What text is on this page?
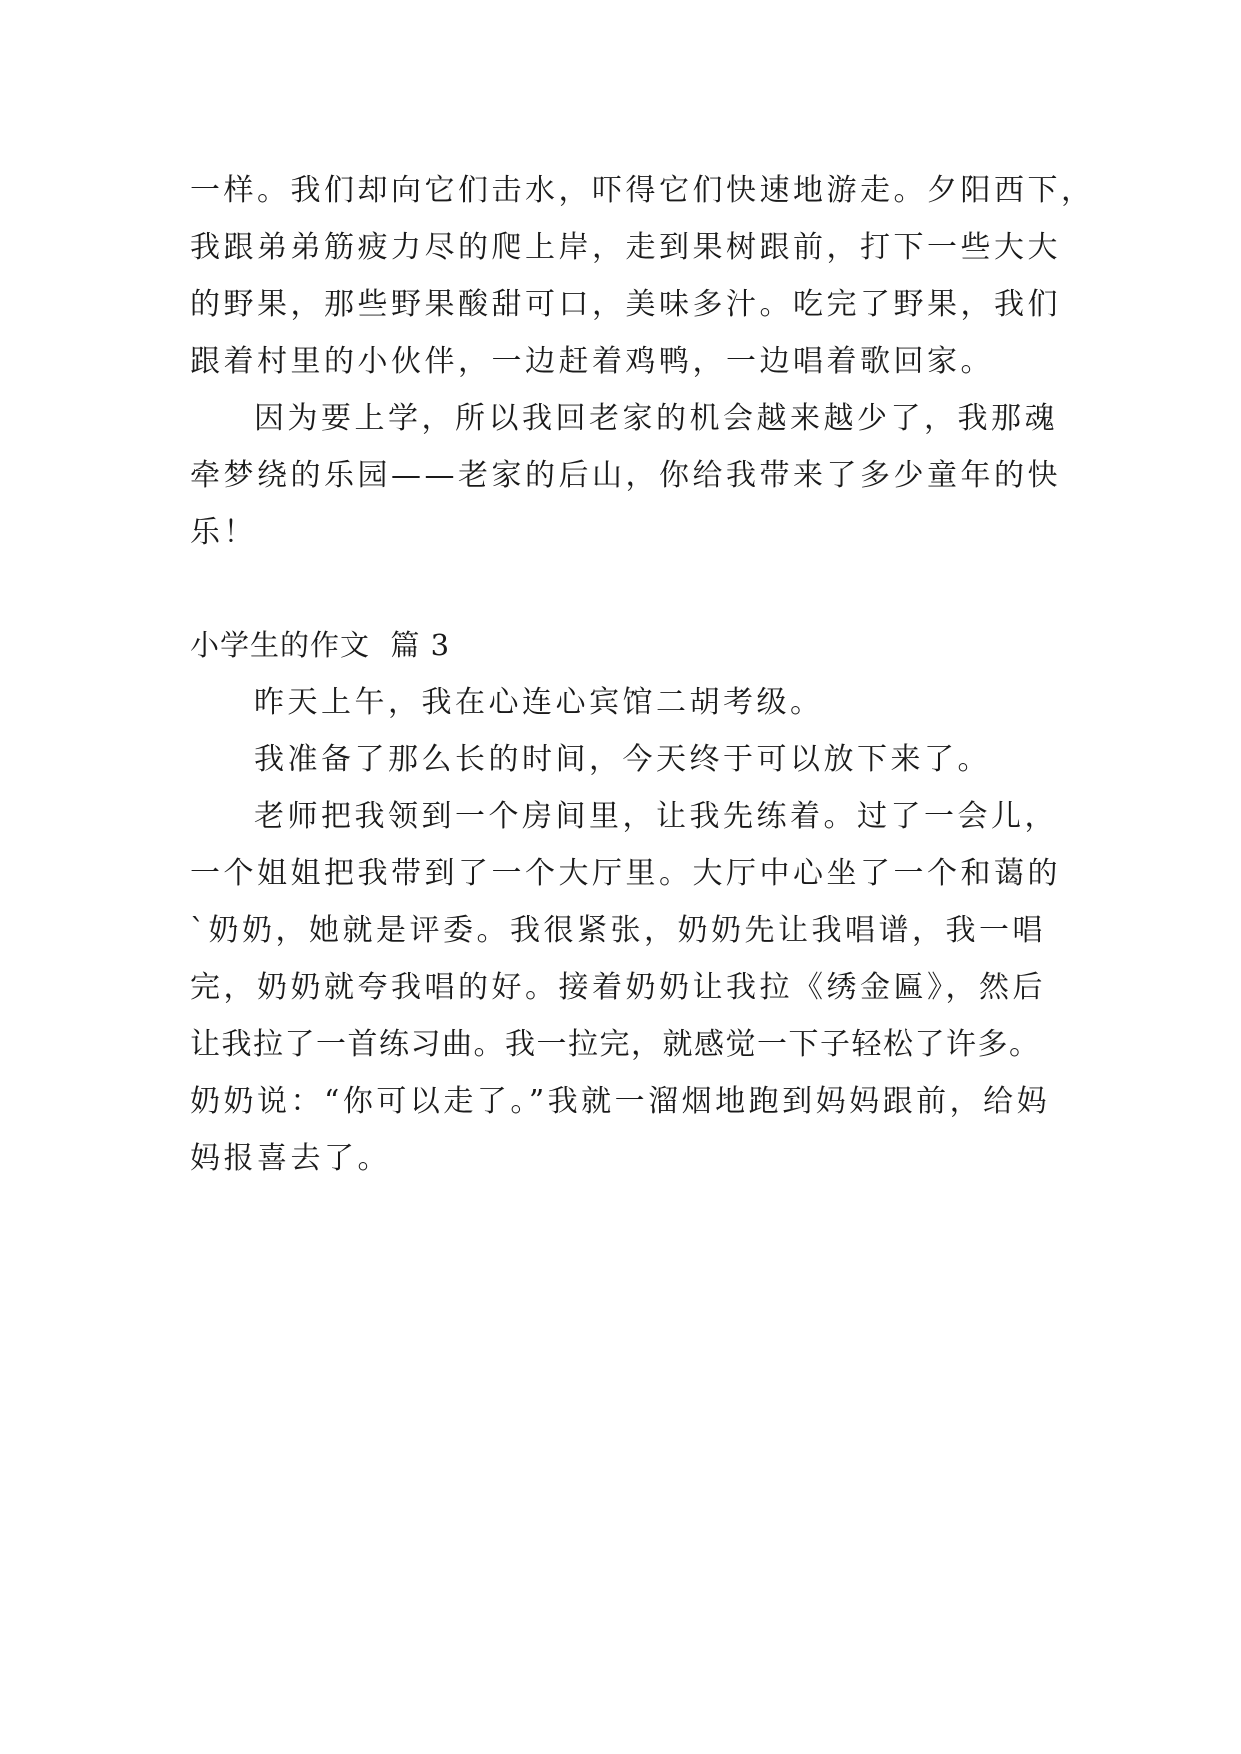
一样。我们却向它们击水，吓得它们快速地游走。夕阳西下，
我跟弟弟筋疲力尽的爬上岸，走到果树跟前，打下一些大大
的野果，那些野果酸甜可口，美味多汁。吃完了野果，我们
跟着村里的小伙伴，一边赶着鸡鸭，一边唱着歌回家。
因为要上学，所以我回老家的机会越来越少了，我那魂
牵梦绕的乐园——老家的后山，你给我带来了多少童年的快
乐！
小学生的作文  篇 3
昨天上午，我在心连心宾馆二胡考级。
我准备了那么长的时间，今天终于可以放下来了。
老师把我领到一个房间里，让我先练着。过了一会儿，
一个姐姐把我带到了一个大厅里。大厅中心坐了一个和蔼的
`奶奶，她就是评委。我很紧张，奶奶先让我唱谱，我一唱
完，奶奶就夸我唱的好。接着奶奶让我拉《绣金匾》，然后
让我拉了一首练习曲。我一拉完，就感觉一下子轻松了许多。
奶奶说：“你可以走了。”我就一溜烟地跑到妈妈跟前，给妈
妈报喜去了。
